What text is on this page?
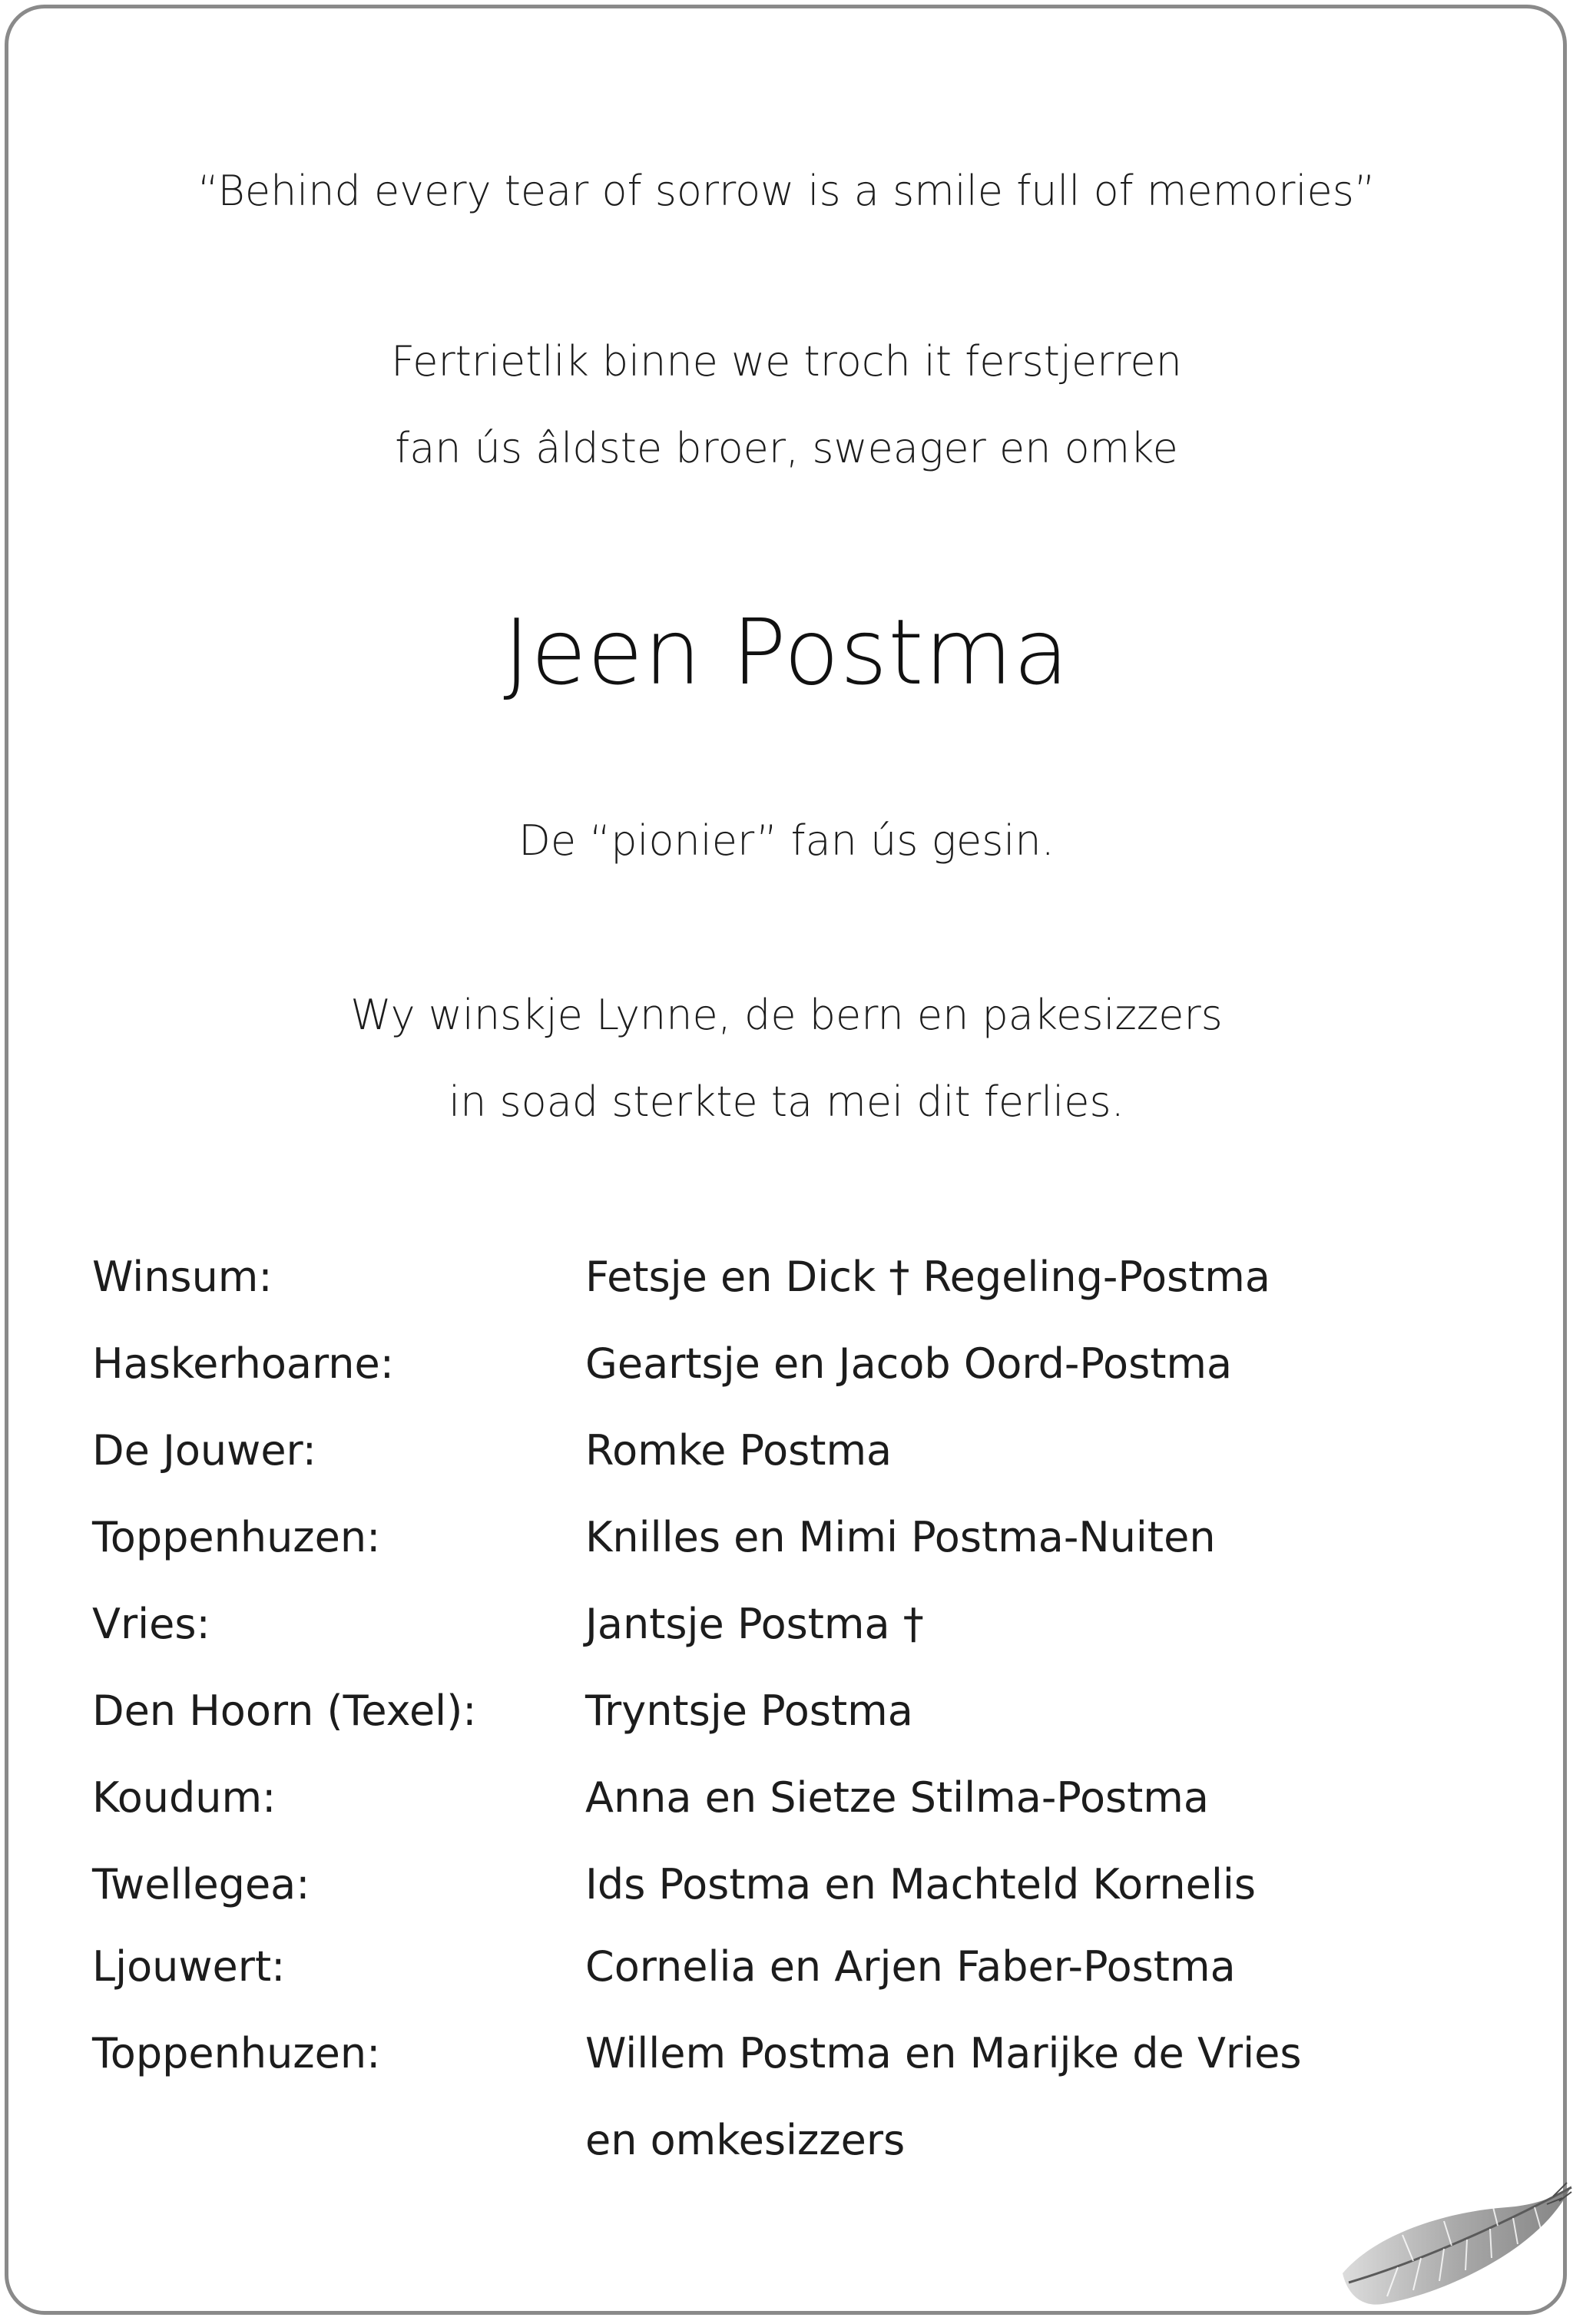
“Behind every tear of sorrow is a smile full of memories”
Fertrietlik binne we troch it ferstjerren
fan ús âldste broer, sweager en omke
Jeen Postma
De “pionier” fan ús gesin.
Wy winskje Lynne, de bern en pakesizzers
in soad sterkte ta mei dit ferlies.
Winsum:	Fetsje en Dick † Regeling-Postma
Haskerhoarne:	Geartsje en Jacob Oord-Postma
De Jouwer:	Romke Postma
Toppenhuzen:	Knilles en Mimi Postma-Nuiten
Vries:	Jantsje Postma †
Den Hoorn (Texel):	Tryntsje Postma
Koudum:	Anna en Sietze Stilma-Postma
Twellegea:	Ids Postma en Machteld Kornelis
Ljouwert:	Cornelia en Arjen Faber-Postma
Toppenhuzen:	Willem Postma en Marijke de Vries
en omkesizzers
